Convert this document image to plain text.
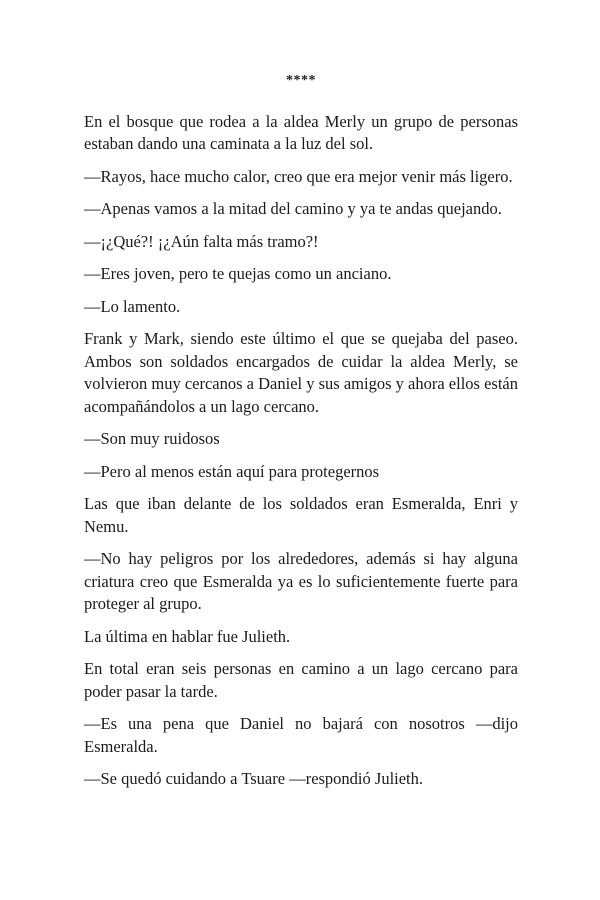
****

En el bosque que rodea a la aldea Merly un grupo de personas estaban dando una caminata a la luz del sol.

—Rayos, hace mucho calor, creo que era mejor venir más ligero.

—Apenas vamos a la mitad del camino y ya te andas quejando.

—¡¿Qué?! ¡¿Aún falta más tramo?!

—Eres joven, pero te quejas como un anciano.

—Lo lamento.

Frank y Mark, siendo este último el que se quejaba del paseo. Ambos son soldados encargados de cuidar la aldea Merly, se volvieron muy cercanos a Daniel y sus amigos y ahora ellos están acompañándolos a un lago cercano.

—Son muy ruidosos

—Pero al menos están aquí para protegernos

Las que iban delante de los soldados eran Esmeralda, Enri y Nemu.

—No hay peligros por los alrededores, además si hay alguna criatura creo que Esmeralda ya es lo suficientemente fuerte para proteger al grupo.

La última en hablar fue Julieth.

En total eran seis personas en camino a un lago cercano para poder pasar la tarde.

—Es una pena que Daniel no bajará con nosotros —dijo Esmeralda.

—Se quedó cuidando a Tsuare —respondió Julieth.
